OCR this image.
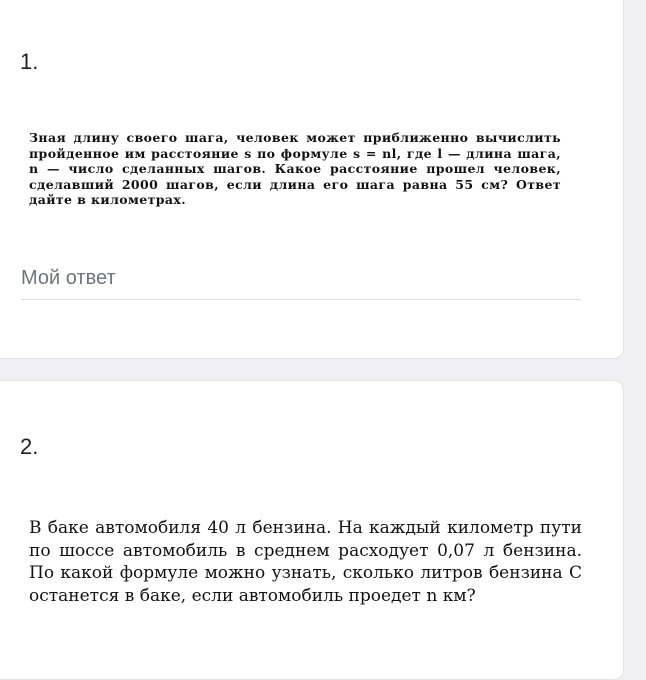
1.
Зная длину своего шага, человек может приближенно вычислить пройденное им расстояние s по формуле s = nl, где l — длина шага, n — число сделанных шагов. Какое расстояние прошел человек, сделавший 2000 шагов, если длина его шага равна 55 см? Ответ дайте в километрах.
Мой ответ
2.
В баке автомобиля 40 л бензина. На каждый километр пути по шоссе автомобиль в среднем расходует 0,07 л бензина. По какой формуле можно узнать, сколько литров бензина C останется в баке, если автомобиль проедет n км?
